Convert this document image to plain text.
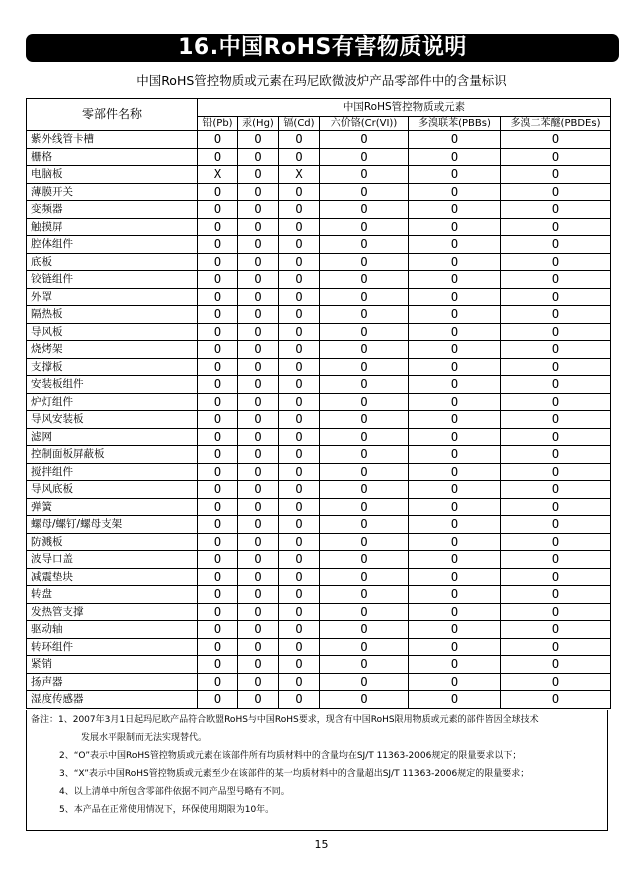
16.中国RoHS有害物质说明
中国RoHS管控物质或元素在玛尼欧微波炉产品零部件中的含量标识
零部件名称	中国RoHS管控物质或元素					
	铅(Pb)	汞(Hg)	镉(Cd)	六价铬(Cr(VI))	多溴联苯(PBBs)	多溴二苯醚(PBDEs)
紫外线管卡槽	O	O	O	O	O	O
栅格	O	O	O	O	O	O
电脑板	X	O	X	O	O	O
薄膜开关	O	O	O	O	O	O
变频器	O	O	O	O	O	O
触摸屏	O	O	O	O	O	O
腔体组件	O	O	O	O	O	O
底板	O	O	O	O	O	O
铰链组件	O	O	O	O	O	O
外罩	O	O	O	O	O	O
隔热板	O	O	O	O	O	O
导风板	O	O	O	O	O	O
烧烤架	O	O	O	O	O	O
支撑板	O	O	O	O	O	O
安装板组件	O	O	O	O	O	O
炉灯组件	O	O	O	O	O	O
导风安装板	O	O	O	O	O	O
滤网	O	O	O	O	O	O
控制面板屏蔽板	O	O	O	O	O	O
搅拌组件	O	O	O	O	O	O
导风底板	O	O	O	O	O	O
弹簧	O	O	O	O	O	O
螺母/螺钉/螺母支架	O	O	O	O	O	O
防溅板	O	O	O	O	O	O
波导口盖	O	O	O	O	O	O
减震垫块	O	O	O	O	O	O
转盘	O	O	O	O	O	O
发热管支撑	O	O	O	O	O	O
驱动轴	O	O	O	O	O	O
转环组件	O	O	O	O	O	O
紧销	O	O	O	O	O	O
扬声器	O	O	O	O	O	O
湿度传感器	O	O	O	O	O	O
备注：1、2007年3月1日起玛尼欧产品符合欧盟RoHS与中国RoHS要求，现含有中国RoHS限用物质或元素的部件皆因全球技术
发展水平限制而无法实现替代。
2、“O”表示中国RoHS管控物质或元素在该部件所有均质材料中的含量均在SJ/T 11363-2006规定的限量要求以下；
3、“X”表示中国RoHS管控物质或元素至少在该部件的某一均质材料中的含量超出SJ/T 11363-2006规定的限量要求；
4、以上清单中所包含零部件依据不同产品型号略有不同。
5、本产品在正常使用情况下，环保使用期限为10年。
15
